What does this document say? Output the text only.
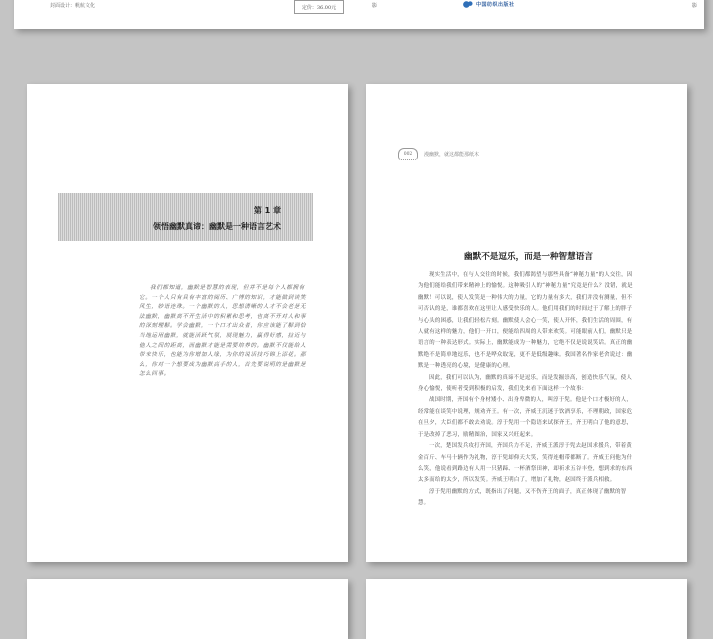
封面设计：帆航文化	定价：36.00元	影	中国纺织出版社	影
第 1 章
领悟幽默真谛：幽默是一种语言艺术

我们都知道，幽默是智慧的表现，但并不是每个人都拥有它。一个人只有具有丰富的阅历、广博的知识，才能做到谈笑风生，妙语连珠。一个幽默的人，思想清晰的人才不会老是无法幽默，幽默离不开生活中的积累和思考，也离不开对人和事的深刻理解。学会幽默，一个口才出众者，你应该能了解到恰当地运用幽默，就能活跃气氛，展现魅力，赢得好感，拉近与他人之间的距离，而幽默才能是需要培养的。幽默不仅能给人带来快乐，也能为你增加人缘，为你的说话技巧锦上添花。那么，你对一个想要成为幽默高手的人，首先要说明的是幽默是怎么回事。

002	漫幽默，就这都能那纸木
幽默不是逗乐，而是一种智慧语言

现实生活中，在与人交往的时候，我们都渴望与那些具备“神秘力量”的人交往，因为他们能给我们带来精神上的愉悦。这种吸引人的“神秘力量”究竟是什么？没错，就是幽默！可以说，使人发笑是一种伟大的力量，它的力量有多大，我们并没有测量，但不可否认的是，谁都喜欢在这里让人感受快乐的人。他们用我们的时间过于了解上的胖子与心头的困惑，让我们轻松片刻。幽默使人会心一笑，使人开怀，我们生活的周围，有人就有这样的魅力，他们一开口，便能给四周的人带来欢笑。可能眼前人们，幽默只是语言的一种表达形式。实际上，幽默能成为一种魅力，它绝不仅是说说笑话。真正的幽默绝不是简单地逗乐，也不是哗众取宠，更不是低级趣味。我国著名作家老舍说过：幽默是一种透亮的心境，是健康的心理。

因此，我们可以认为，幽默的真谛不是逗乐，而是发掘崇高，创造快乐气氛，使人身心愉悦，使听者受到积极的启发，我们先来看下面这样一个故事：

战国时期，齐国有个身材矮小、出身卑微的人，叫淳于髡。他是个口才极好的人，经常能在谈笑中说理，规劝齐王。有一次，齐威王沉迷于饮酒享乐，不理朝政，国家危在旦夕，大臣们都不敢去劝说。淳于髡用一个隐语来试探齐王，齐王明白了他的意思，于是改掉了恶习，励精图治，国家又兴旺起来。

一次，楚国发兵攻打齐国，齐国兵力不足，齐威王派淳于髡去赵国求援兵，带着黄金百斤、车马十辆作为礼物，淳于髡却仰天大笑，笑得连帽带都断了。齐威王问他为什么笑，他说看到路边有人用一只猪蹄、一杯酒祭田神，却祈求五谷丰登，想到求的东西太多而给的太少，所以发笑。齐威王明白了，增加了礼物，赵国终于派兵相救。

淳于髡用幽默的方式，既指出了问题，又不伤齐王的面子，真正体现了幽默的智慧。
